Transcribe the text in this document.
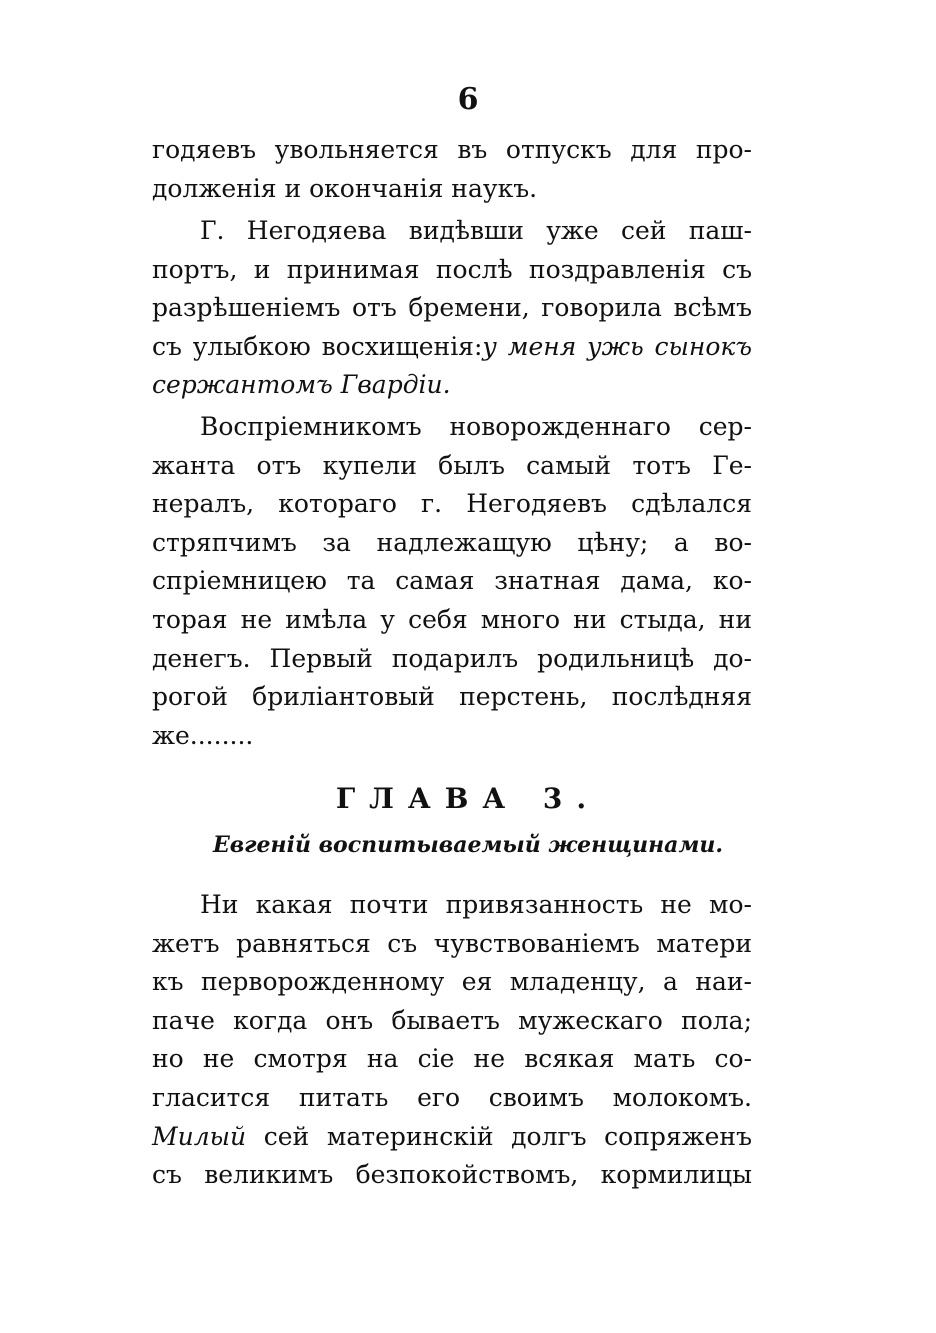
6
годяевъ увольняется въ отпускъ для про-
долженія и окончанія наукъ.
Г. Негодяева видѣвши уже сей пaш-
портъ, и принимая послѣ поздравленія съ
разрѣшеніемъ отъ бремени, говорила всѣмъ
съ улыбкою восхищенія:у меня ужь сынокъ
сержантомъ Гвардіи.
Воспріемникомъ новорожденнаго сер-
жанта отъ купели былъ самый тотъ Ге-
нералъ, котораго г. Негодяевъ сдѣлался
стряпчимъ за надлежащую цѣну; а во-
спріемницею та самая знатная дама, ко-
торая не имѣла у себя много ни стыда, ни
денегъ. Первый подарилъ родильницѣ до-
рогой бриліантовый перстень, послѣдняя
же........
ГЛАВА 3.
Евгеній воспитываемый женщинами.
Ни какая почти привязанность не мо-
жетъ равняться съ чувствованіемъ матери
къ перворожденному ея младенцу, а наи-
паче когда онъ бываетъ мужескаго пола;
но не смотря на сіе не всякая мать со-
гласится питать его своимъ молокомъ.
Милый сей материнскій долгъ сопряженъ
съ великимъ безпокойствомъ, кормилицы
